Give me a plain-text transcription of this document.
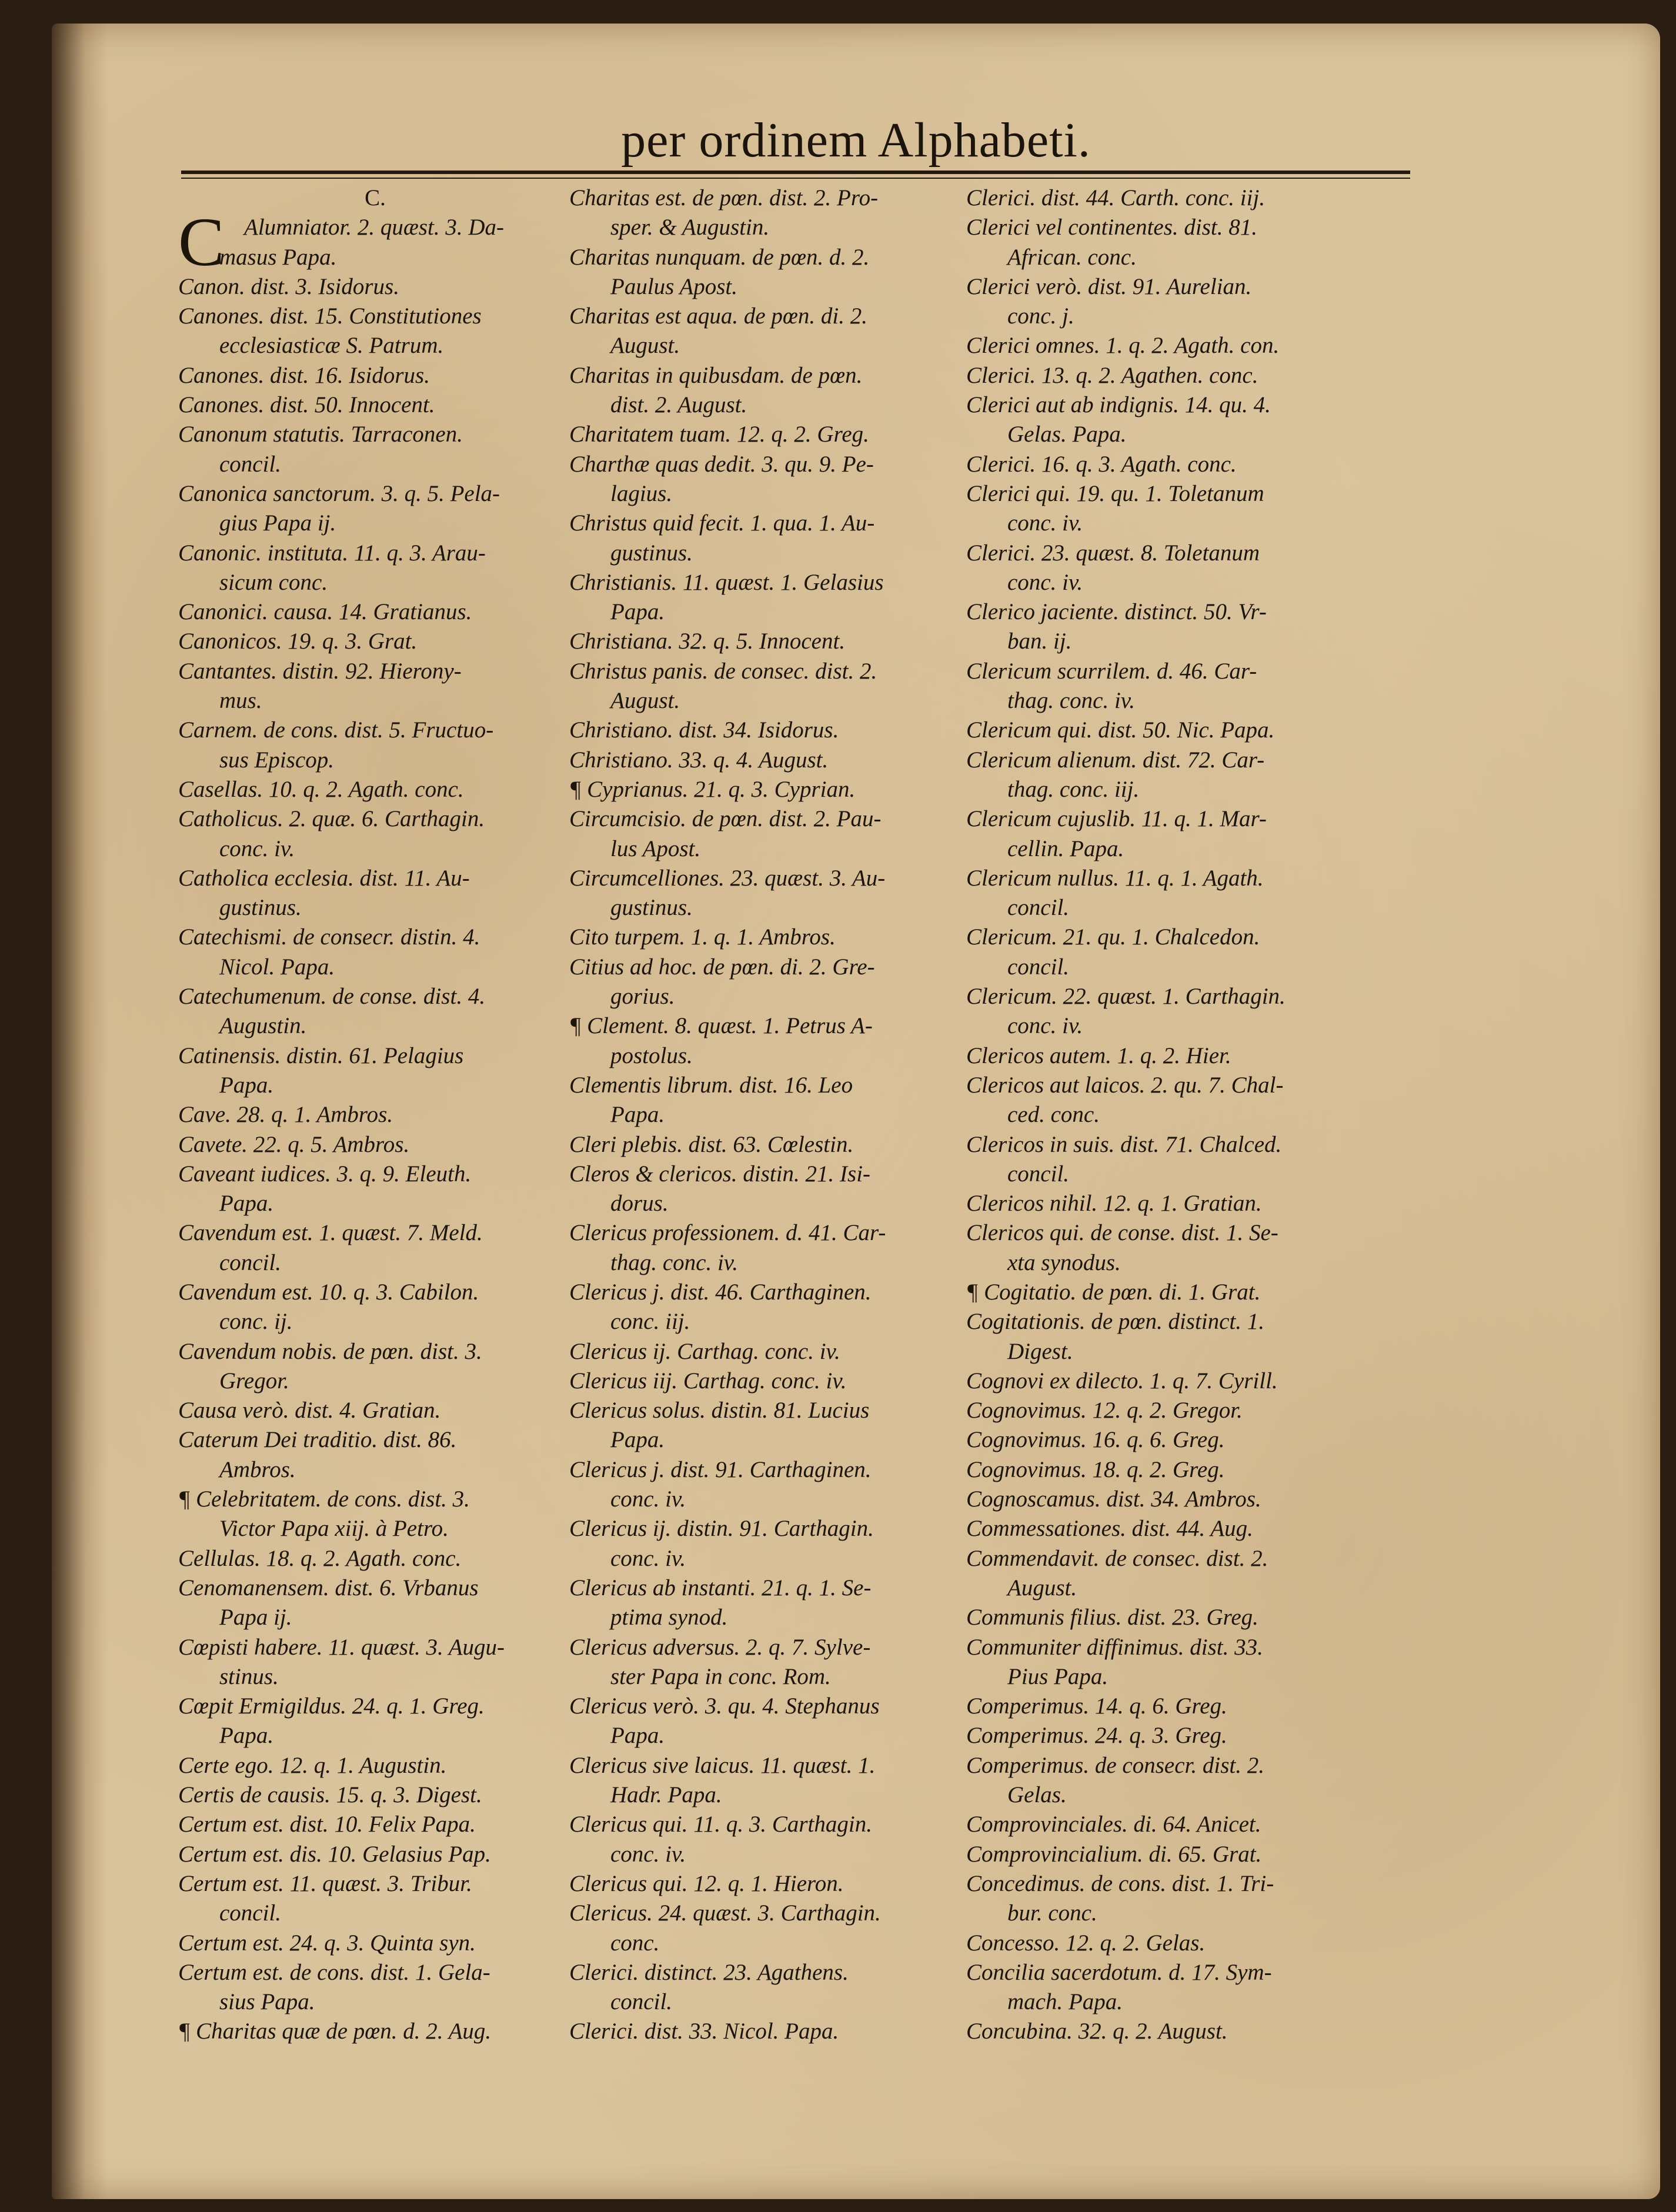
per ordinem Alphabeti.
C
C.
Alumniator. 2. quæst. 3. Da-
masus Papa.
Canon. dist. 3. Isidorus.
Canones. dist. 15. Constitutiones
ecclesiasticæ S. Patrum.
Canones. dist. 16. Isidorus.
Canones. dist. 50. Innocent.
Canonum statutis. Tarraconen.
concil.
Canonica sanctorum. 3. q. 5. Pela-
gius Papa ij.
Canonic. instituta. 11. q. 3. Arau-
sicum conc.
Canonici. causa. 14. Gratianus.
Canonicos. 19. q. 3. Grat.
Cantantes. distin. 92. Hierony-
mus.
Carnem. de cons. dist. 5. Fructuo-
sus Episcop.
Casellas. 10. q. 2. Agath. conc.
Catholicus. 2. quæ. 6. Carthagin.
conc. iv.
Catholica ecclesia. dist. 11. Au-
gustinus.
Catechismi. de consecr. distin. 4.
Nicol. Papa.
Catechumenum. de conse. dist. 4.
Augustin.
Catinensis. distin. 61. Pelagius
Papa.
Cave. 28. q. 1. Ambros.
Cavete. 22. q. 5. Ambros.
Caveant iudices. 3. q. 9. Eleuth.
Papa.
Cavendum est. 1. quæst. 7. Meld.
concil.
Cavendum est. 10. q. 3. Cabilon.
conc. ij.
Cavendum nobis. de pœn. dist. 3.
Gregor.
Causa verò. dist. 4. Gratian.
Caterum Dei traditio. dist. 86.
Ambros.
¶ Celebritatem. de cons. dist. 3.
Victor Papa xiij. à Petro.
Cellulas. 18. q. 2. Agath. conc.
Cenomanensem. dist. 6. Vrbanus
Papa ij.
Cœpisti habere. 11. quæst. 3. Augu-
stinus.
Cœpit Ermigildus. 24. q. 1. Greg.
Papa.
Certe ego. 12. q. 1. Augustin.
Certis de causis. 15. q. 3. Digest.
Certum est. dist. 10. Felix Papa.
Certum est. dis. 10. Gelasius Pap.
Certum est. 11. quæst. 3. Tribur.
concil.
Certum est. 24. q. 3. Quinta syn.
Certum est. de cons. dist. 1. Gela-
sius Papa.
¶ Charitas quæ de pœn. d. 2. Aug.
Charitas est. de pœn. dist. 2. Pro-
sper. & Augustin.
Charitas nunquam. de pœn. d. 2.
Paulus Apost.
Charitas est aqua. de pœn. di. 2.
August.
Charitas in quibusdam. de pœn.
dist. 2. August.
Charitatem tuam. 12. q. 2. Greg.
Charthæ quas dedit. 3. qu. 9. Pe-
lagius.
Christus quid fecit. 1. qua. 1. Au-
gustinus.
Christianis. 11. quæst. 1. Gelasius
Papa.
Christiana. 32. q. 5. Innocent.
Christus panis. de consec. dist. 2.
August.
Christiano. dist. 34. Isidorus.
Christiano. 33. q. 4. August.
¶ Cyprianus. 21. q. 3. Cyprian.
Circumcisio. de pœn. dist. 2. Pau-
lus Apost.
Circumcelliones. 23. quæst. 3. Au-
gustinus.
Cito turpem. 1. q. 1. Ambros.
Citius ad hoc. de pœn. di. 2. Gre-
gorius.
¶ Clement. 8. quæst. 1. Petrus A-
postolus.
Clementis librum. dist. 16. Leo
Papa.
Cleri plebis. dist. 63. Cœlestin.
Cleros & clericos. distin. 21. Isi-
dorus.
Clericus professionem. d. 41. Car-
thag. conc. iv.
Clericus j. dist. 46. Carthaginen.
conc. iij.
Clericus ij. Carthag. conc. iv.
Clericus iij. Carthag. conc. iv.
Clericus solus. distin. 81. Lucius
Papa.
Clericus j. dist. 91. Carthaginen.
conc. iv.
Clericus ij. distin. 91. Carthagin.
conc. iv.
Clericus ab instanti. 21. q. 1. Se-
ptima synod.
Clericus adversus. 2. q. 7. Sylve-
ster Papa in conc. Rom.
Clericus verò. 3. qu. 4. Stephanus
Papa.
Clericus sive laicus. 11. quæst. 1.
Hadr. Papa.
Clericus qui. 11. q. 3. Carthagin.
conc. iv.
Clericus qui. 12. q. 1. Hieron.
Clericus. 24. quæst. 3. Carthagin.
conc.
Clerici. distinct. 23. Agathens.
concil.
Clerici. dist. 33. Nicol. Papa.
Clerici. dist. 44. Carth. conc. iij.
Clerici vel continentes. dist. 81.
African. conc.
Clerici verò. dist. 91. Aurelian.
conc. j.
Clerici omnes. 1. q. 2. Agath. con.
Clerici. 13. q. 2. Agathen. conc.
Clerici aut ab indignis. 14. qu. 4.
Gelas. Papa.
Clerici. 16. q. 3. Agath. conc.
Clerici qui. 19. qu. 1. Toletanum
conc. iv.
Clerici. 23. quæst. 8. Toletanum
conc. iv.
Clerico jaciente. distinct. 50. Vr-
ban. ij.
Clericum scurrilem. d. 46. Car-
thag. conc. iv.
Clericum qui. dist. 50. Nic. Papa.
Clericum alienum. dist. 72. Car-
thag. conc. iij.
Clericum cujuslib. 11. q. 1. Mar-
cellin. Papa.
Clericum nullus. 11. q. 1. Agath.
concil.
Clericum. 21. qu. 1. Chalcedon.
concil.
Clericum. 22. quæst. 1. Carthagin.
conc. iv.
Clericos autem. 1. q. 2. Hier.
Clericos aut laicos. 2. qu. 7. Chal-
ced. conc.
Clericos in suis. dist. 71. Chalced.
concil.
Clericos nihil. 12. q. 1. Gratian.
Clericos qui. de conse. dist. 1. Se-
xta synodus.
¶ Cogitatio. de pœn. di. 1. Grat.
Cogitationis. de pœn. distinct. 1.
Digest.
Cognovi ex dilecto. 1. q. 7. Cyrill.
Cognovimus. 12. q. 2. Gregor.
Cognovimus. 16. q. 6. Greg.
Cognovimus. 18. q. 2. Greg.
Cognoscamus. dist. 34. Ambros.
Commessationes. dist. 44. Aug.
Commendavit. de consec. dist. 2.
August.
Communis filius. dist. 23. Greg.
Communiter diffinimus. dist. 33.
Pius Papa.
Comperimus. 14. q. 6. Greg.
Comperimus. 24. q. 3. Greg.
Comperimus. de consecr. dist. 2.
Gelas.
Comprovinciales. di. 64. Anicet.
Comprovincialium. di. 65. Grat.
Concedimus. de cons. dist. 1. Tri-
bur. conc.
Concesso. 12. q. 2. Gelas.
Concilia sacerdotum. d. 17. Sym-
mach. Papa.
Concubina. 32. q. 2. August.
